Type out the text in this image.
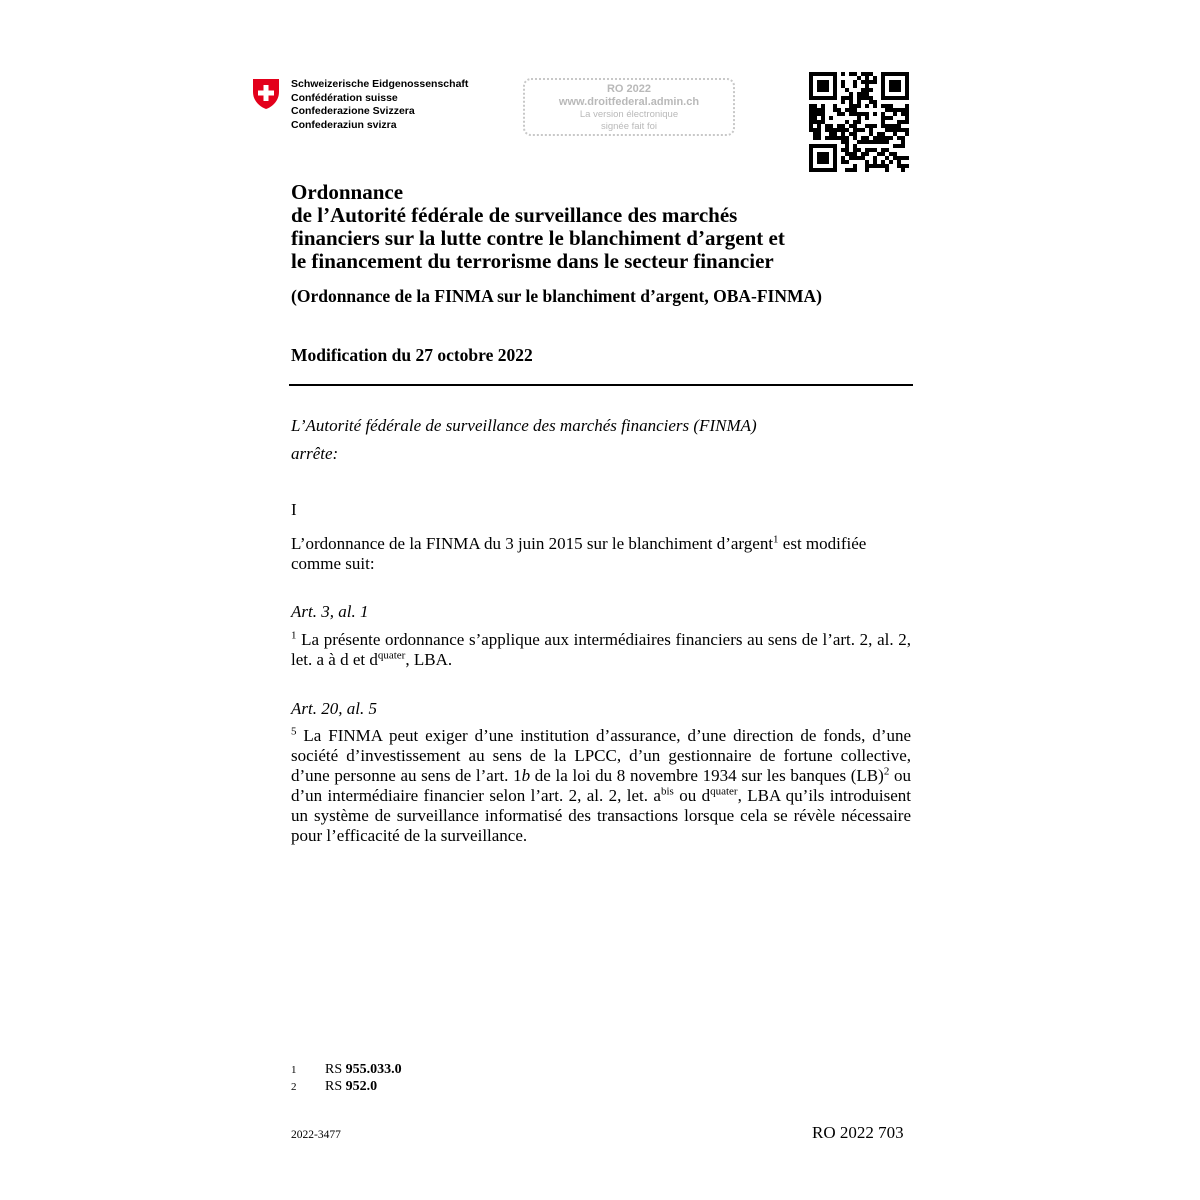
Schweizerische Eidgenossenschaft
Confédération suisse
Confederazione Svizzera
Confederaziun svizra
RO 2022
www.droitfederal.admin.ch
La version électronique
signée fait foi
Ordonnance
de l’Autorité fédérale de surveillance des marchés
financiers sur la lutte contre le blanchiment d’argent et
le financement du terrorisme dans le secteur financier
(Ordonnance de la FINMA sur le blanchiment d’argent, OBA-FINMA)
Modification du 27 octobre 2022
L’Autorité fédérale de surveillance des marchés financiers (FINMA)
arrête:
I
L’ordonnance de la FINMA du 3 juin 2015 sur le blanchiment d’argent$^1$ est modifiée comme suit:
Art. 3, al. 1
$^1$ La présente ordonnance s’applique aux intermédiaires financiers au sens de l’art. 2, al. 2, let. a à d et $d^{quater}$, LBA.
Art. 20, al. 5
$^5$ La FINMA peut exiger d’une institution d’assurance, d’une direction de fonds, d’une société d’investissement au sens de la LPCC, d’un gestionnaire de fortune collective, d’une personne au sens de l’art. 1b de la loi du 8 novembre 1934 sur les banques (LB)$^2$ ou d’un intermédiaire financier selon l’art. 2, al. 2, let. $a^{bis}$ ou $d^{quater}$, LBA qu’ils introduisent un système de surveillance informatisé des transactions lorsque cela se révèle nécessaire pour l’efficacité de la surveillance.
1 RS 955.033.0
2 RS 952.0
2022-3477	RO 2022 703
